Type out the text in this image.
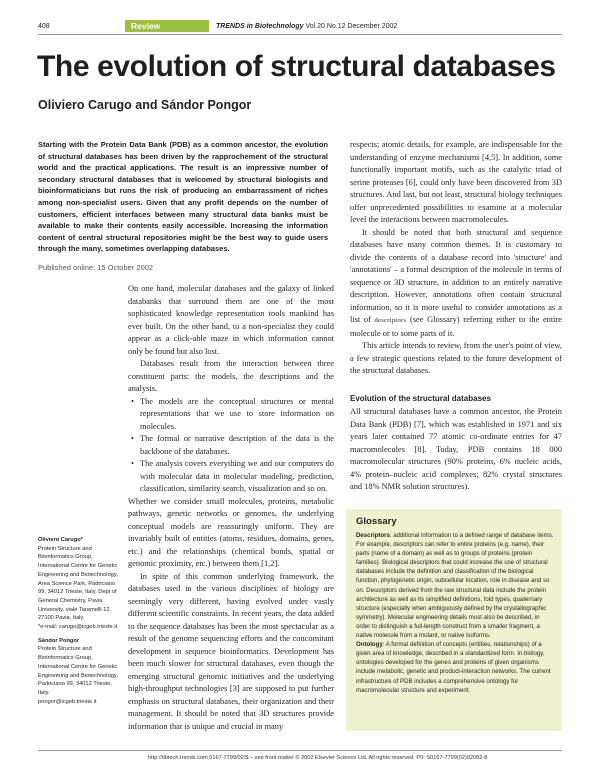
408	Review	TRENDS in Biotechnology Vol.20 No.12 December 2002
The evolution of structural databases
Oliviero Carugo and Sándor Pongor
Starting with the Protein Data Bank (PDB) as a common ancestor, the evolution of structural databases has been driven by the rapprochement of the structural world and the practical applications. The result is an impressive number of secondary structural databases that is welcomed by structural biologists and bioinformaticians but runs the risk of producing an embarrassment of riches among non-specialist users. Given that any profit depends on the number of customers, efficient interfaces between many structural data banks must be available to make their contents easily accessible. Increasing the information content of central structural repositories might be the best way to guide users through the many, sometimes overlapping databases.
Published online: 15 October 2002
On one hand, molecular databases and the galaxy of linked databanks that surround them are one of the most sophisticated knowledge representation tools mankind has ever built. On the other hand, to a non-specialist they could appear as a click-able maze in which information cannot only be found but also lost.
Databases result from the interaction between three constituent parts: the models, the descriptions and the analysis.
• The models are the conceptual structures or mental representations that we use to store information on molecules.
• The formal or narrative description of the data is the backbone of the databases.
• The analysis covers everything we and our computers do with molecular data in molecular modeling, prediction, classification, similarity search, visualization and so on.
Whether we consider small molecules, proteins, metabolic pathways, genetic networks or genomes, the underlying conceptual models are reassuringly uniform. They are invariably built of entities (atoms, residues, domains, genes, etc.) and the relationships (chemical bonds, spatial or genomic proximity, etc.) between them [1,2].
In spite of this common underlying framework, the databases used in the various disciplines of biology are seemingly very different, having evolved under vastly different scientific constraints. In recent years, the data added to the sequence databases has been the most spectacular as a result of the genome sequencing efforts and the concomitant development in sequence bioinformatics. Development has been much slower for structural databases, even though the emerging structural genomic initiatives and the underlying high-throughput technologies [3] are supposed to put further emphasis on structural databases, their organization and their management. It should be noted that 3D structures provide information that is unique and crucial in many

Oliviero Carugo*
Protein Structure and Bioinformatics Group, International Centre for Genetic Engineering and Biotechnology, Area Science Park, Padriciano 99, 34012 Trieste, Italy. Dept of General Chemistry, Pavia University, viale Taramelli 12, 27100 Pavia, Italy.
*e-mail: carugo@icgeb.trieste.it

Sándor Pongor
Protein Structure and Bioinformatics Group, International Centre for Genetic Engineering and Biotechnology, Padriciano 99, 34012 Trieste, Italy.
pongor@icgeb.trieste.it

respects; atomic details, for example, are indispensable for the understanding of enzyme mechanisms [4,5]. In addition, some functionally important motifs, such as the catalytic triad of serine proteases [6], could only have been discovered from 3D structures. And last, but not least, structural biology techniques offer unprecedented possibilities to examine at a molecular level the interactions between macromolecules.

It should be noted that both structural and sequence databases have many common themes. It is customary to divide the contents of a database record into 'structure' and 'annotations' – a formal description of the molecule in terms of sequence or 3D structure, in addition to an entirely narrative description. However, annotations often contain structural information, so it is more useful to consider annotations as a list of descriptors (see Glossary) referring either to the entire molecule or to some parts of it.

This article intends to review, from the user's point of view, a few strategic questions related to the future development of the structural databases.

Evolution of the structural databases
All structural databases have a common ancestor, the Protein Data Bank (PDB) [7], which was established in 1971 and six years later contained 77 atomic co-ordinate entries for 47 macromolecules [8]. Today, PDB contains 18 000 macromolecular structures (90% proteins, 6% nucleic acids, 4% protein–nucleic acid complexes; 82% crystal structures and 18% NMR solution structures).
Glossary

Descriptors: additional information to a defined range of database items. For example, descriptors can refer to entire proteins (e.g. name), their parts (name of a domain) as well as to groups of proteins (protein families). Biological descriptors that could increase the use of structural databases include the definition and classification of the biological function, phylogenetic origin, subcellular location, role in disease and so on. Descriptors derived from the raw structural data include the protein architecture as well as its simplified definitions, fold types, quaternary structure (especially when ambiguously defined by the crystallographic symmetry). Molecular engineering details must also be described, in order to distinguish a full-length construct from a smaller fragment, a native molecule from a mutant, or native isoforms.

Ontology: A formal definition of concepts (entities, relationships) of a given area of knowledge, described in a standardized form. In biology, ontologies developed for the genes and proteins of given organisms include metabolic, genetic and product-interaction networks. The current infrastructure of PDB includes a comprehensive ontology for macromolecular structure and experiment.

http://tibtech.trends.com 0167-7799/02/$ – see front matter © 2002 Elsevier Science Ltd. All rights reserved. PII: S0167-7799(02)02082-8
